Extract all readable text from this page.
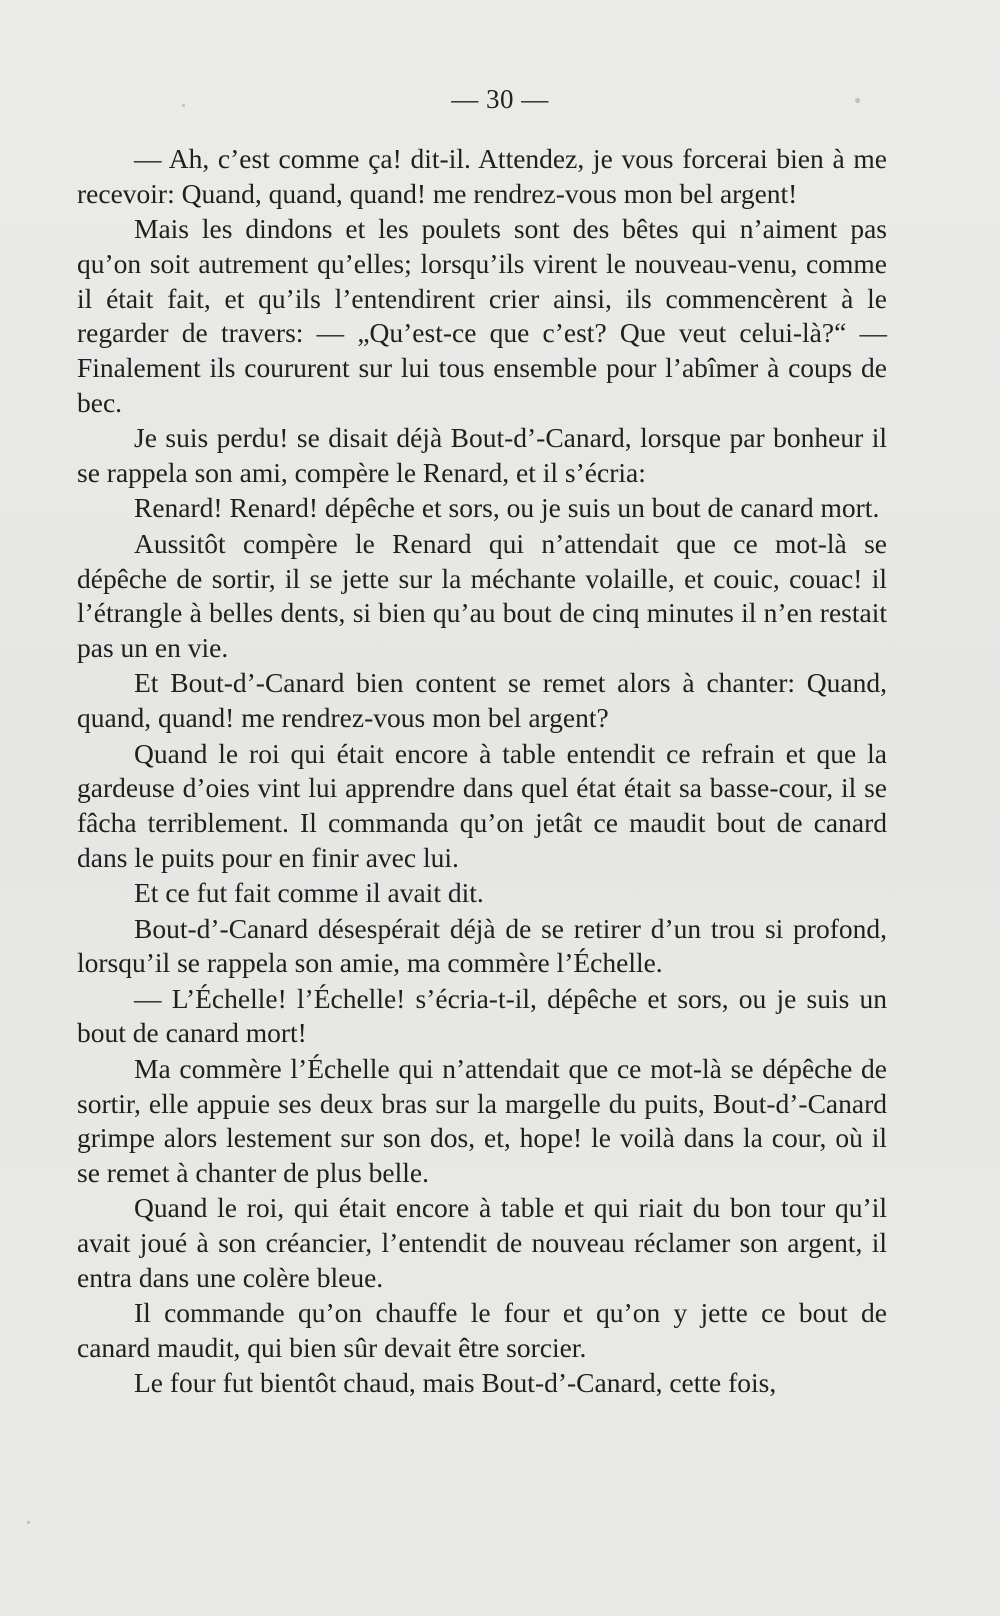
— 30 —

— Ah, c’est comme ça! dit-il. Attendez, je vous forcerai bien à me recevoir: Quand, quand, quand! me rendrez-vous mon bel argent!

Mais les dindons et les poulets sont des bêtes qui n’aiment pas qu’on soit autrement qu’elles; lorsqu’ils virent le nouveau-venu, comme il était fait, et qu’ils l’entendirent crier ainsi, ils commencèrent à le regarder de travers: — „Qu’est-ce que c’est? Que veut celui-là?“ — Finalement ils coururent sur lui tous ensemble pour l’abîmer à coups de bec.

Je suis perdu! se disait déjà Bout-d’-Canard, lorsque par bonheur il se rappela son ami, compère le Renard, et il s’écria:

Renard! Renard! dépêche et sors, ou je suis un bout de canard mort.

Aussitôt compère le Renard qui n’attendait que ce mot-là se dépêche de sortir, il se jette sur la méchante volaille, et couic, couac! il l’étrangle à belles dents, si bien qu’au bout de cinq minutes il n’en restait pas un en vie.

Et Bout-d’-Canard bien content se remet alors à chanter: Quand, quand, quand! me rendrez-vous mon bel argent?

Quand le roi qui était encore à table entendit ce refrain et que la gardeuse d’oies vint lui apprendre dans quel état était sa basse-cour, il se fâcha terriblement. Il commanda qu’on jetât ce maudit bout de canard dans le puits pour en finir avec lui.

Et ce fut fait comme il avait dit.

Bout-d’-Canard désespérait déjà de se retirer d’un trou si profond, lorsqu’il se rappela son amie, ma commère l’Échelle.

— L’Échelle! l’Échelle! s’écria-t-il, dépêche et sors, ou je suis un bout de canard mort!

Ma commère l’Échelle qui n’attendait que ce mot-là se dépêche de sortir, elle appuie ses deux bras sur la margelle du puits, Bout-d’-Canard grimpe alors lestement sur son dos, et, hope! le voilà dans la cour, où il se remet à chanter de plus belle.

Quand le roi, qui était encore à table et qui riait du bon tour qu’il avait joué à son créancier, l’entendit de nouveau réclamer son argent, il entra dans une colère bleue.

Il commande qu’on chauffe le four et qu’on y jette ce bout de canard maudit, qui bien sûr devait être sorcier.

Le four fut bientôt chaud, mais Bout-d’-Canard, cette fois,
